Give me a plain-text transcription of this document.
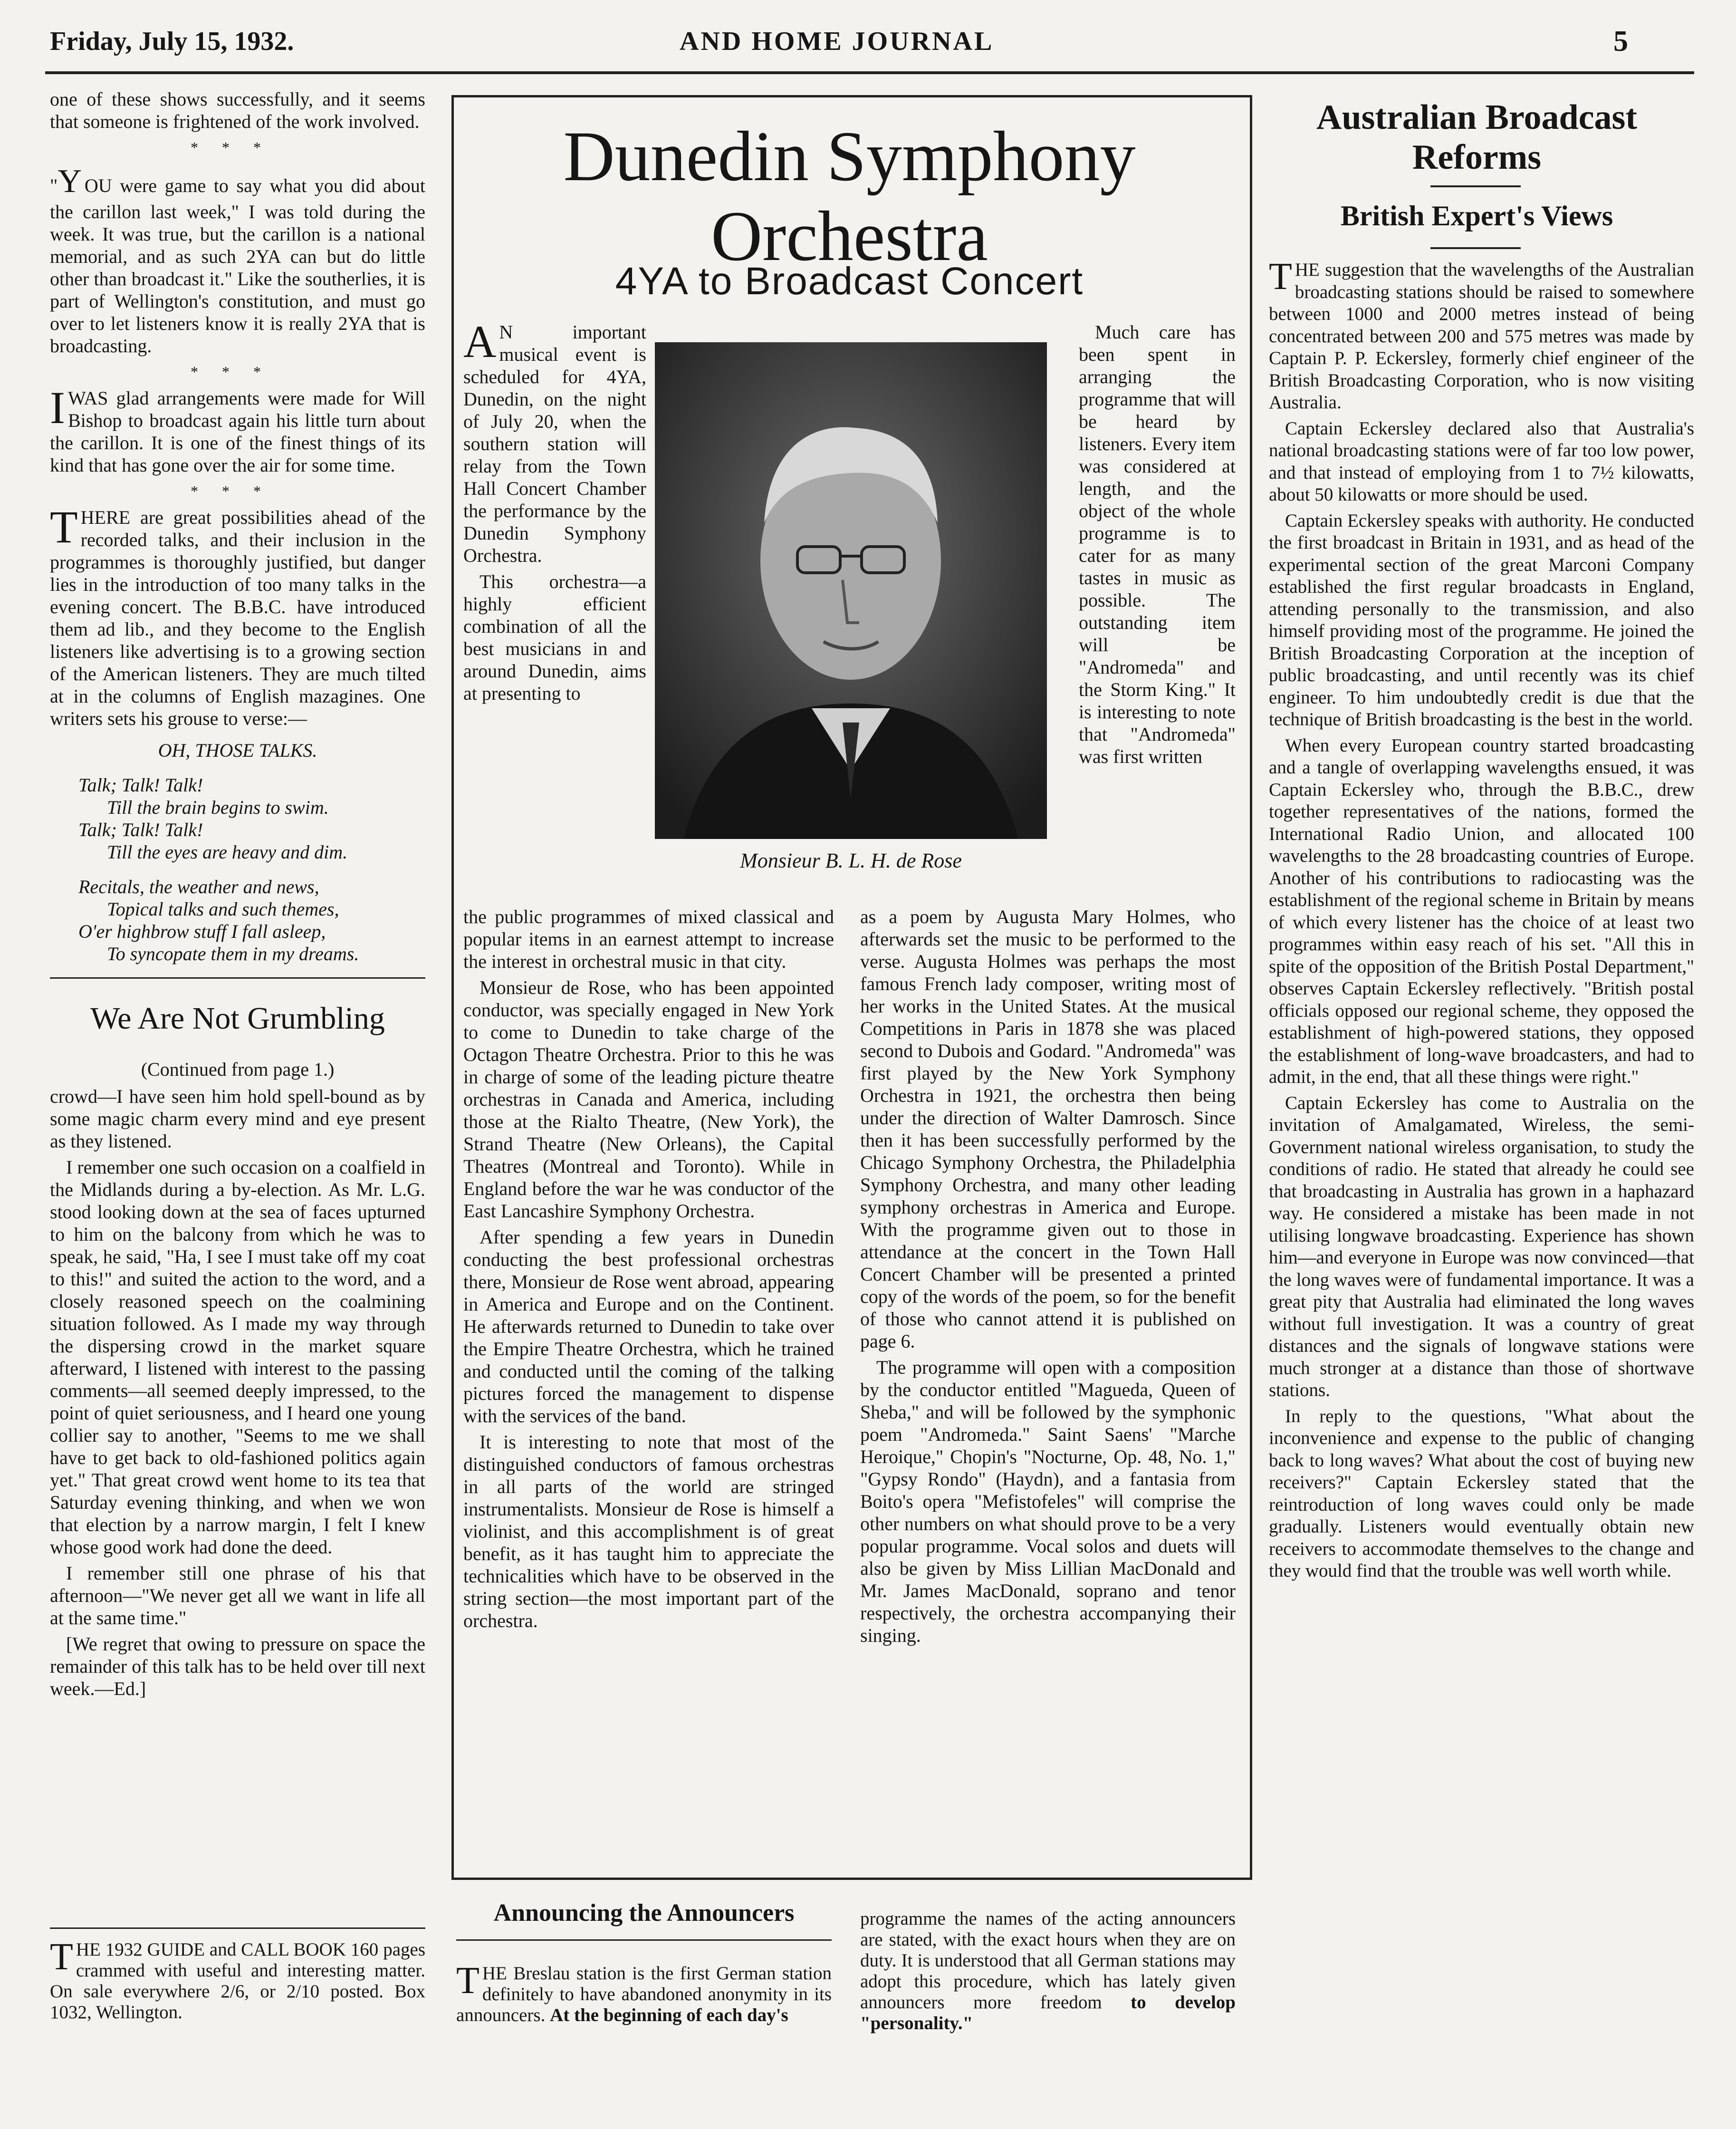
Friday, July 15, 1932.	AND HOME JOURNAL	5

one of these shows successfully, and it seems that someone is frightened of the work involved.

***

"Y OU were game to say what you did about the carillon last week," I was told during the week. It was true, but the carillon is a national memorial, and as such 2YA can but do little other than broadcast it." Like the southerlies, it is part of Wellington's constitution, and must go over to let listeners know it is really 2YA that is broadcasting.

***

IWAS glad arrangements were made for Will Bishop to broadcast again his little turn about the carillon. It is one of the finest things of its kind that has gone over the air for some time.

***

THERE are great possibilities ahead of the recorded talks, and their inclusion in the programmes is thoroughly justified, but danger lies in the introduction of too many talks in the evening concert. The B.B.C. have introduced them ad lib., and they become to the English listeners like advertising is to a growing section of the American listeners. They are much tilted at in the columns of English mazagines. One writers sets his grouse to verse:—

OH, THOSE TALKS.
Talk; Talk! Talk!
Till the brain begins to swim.
Talk; Talk! Talk!
Till the eyes are heavy and dim.
Recitals, the weather and news,
Topical talks and such themes,
O'er highbrow stuff I fall asleep,
To syncopate them in my dreams.
We Are Not Grumbling
(Continued from page 1.)

crowd—I have seen him hold spell-bound as by some magic charm every mind and eye present as they listened.

I remember one such occasion on a coalfield in the Midlands during a by-election. As Mr. L.G. stood looking down at the sea of faces upturned to him on the balcony from which he was to speak, he said, "Ha, I see I must take off my coat to this!" and suited the action to the word, and a closely reasoned speech on the coalmining situation followed. As I made my way through the dispersing crowd in the market square afterward, I listened with interest to the passing comments—all seemed deeply impressed, to the point of quiet seriousness, and I heard one young collier say to another, "Seems to me we shall have to get back to old-fashioned politics again yet." That great crowd went home to its tea that Saturday evening thinking, and when we won that election by a narrow margin, I felt I knew whose good work had done the deed.

I remember still one phrase of his that afternoon—"We never get all we want in life all at the same time."

[We regret that owing to pressure on space the remainder of this talk has to be held over till next week.—Ed.]

THE 1932 GUIDE and CALL BOOK 160 pages crammed with useful and interesting matter. On sale everywhere 2/6, or 2/10 posted. Box 1032, Wellington.

Dunedin Symphony
Orchestra
4YA to Broadcast Concert
Monsieur B. L. H. de Rose

A N important musical event is scheduled for 4YA, Dunedin, on the night of July 20, when the southern station will relay from the Town Hall Concert Chamber the performance by the Dunedin Symphony Orchestra.

This orchestra—a highly efficient combination of all the best musicians in and around Dunedin, aims at presenting to

the public programmes of mixed classical and popular items in an earnest attempt to increase the interest in orchestral music in that city.

Monsieur de Rose, who has been appointed conductor, was specially engaged in New York to come to Dunedin to take charge of the Octagon Theatre Orchestra. Prior to this he was in charge of some of the leading picture theatre orchestras in Canada and America, including those at the Rialto Theatre, (New York), the Strand Theatre (New Orleans), the Capital Theatres (Montreal and Toronto). While in England before the war he was conductor of the East Lancashire Symphony Orchestra.

After spending a few years in Dunedin conducting the best professional orchestras there, Monsieur de Rose went abroad, appearing in America and Europe and on the Continent. He afterwards returned to Dunedin to take over the Empire Theatre Orchestra, which he trained and conducted until the coming of the talking pictures forced the management to dispense with the services of the band.

It is interesting to note that most of the distinguished conductors of famous orchestras in all parts of the world are stringed instrumentalists. Monsieur de Rose is himself a violinist, and this accomplishment is of great benefit, as it has taught him to appreciate the technicalities which have to be observed in the string section—the most important part of the orchestra.

Much care has been spent in arranging the programme that will be heard by listeners. Every item was considered at length, and the object of the whole programme is to cater for as many tastes in music as possible. The outstanding item will be "Andromeda" and the Storm King." It is interesting to note that "Andromeda" was first written

as a poem by Augusta Mary Holmes, who afterwards set the music to be performed to the verse. Augusta Holmes was perhaps the most famous French lady composer, writing most of her works in the United States. At the musical Competitions in Paris in 1878 she was placed second to Dubois and Godard. "Andromeda" was first played by the New York Symphony Orchestra in 1921, the orchestra then being under the direction of Walter Damrosch. Since then it has been successfully performed by the Chicago Symphony Orchestra, the Philadelphia Symphony Orchestra, and many other leading symphony orchestras in America and Europe. With the programme given out to those in attendance at the concert in the Town Hall Concert Chamber will be presented a printed copy of the words of the poem, so for the benefit of those who cannot attend it is published on page 6.

The programme will open with a composition by the conductor entitled "Magueda, Queen of Sheba," and will be followed by the symphonic poem "Andromeda." Saint Saens' "Marche Heroique," Chopin's "Nocturne, Op. 48, No. 1," "Gypsy Rondo" (Haydn), and a fantasia from Boito's opera "Mefistofeles" will comprise the other numbers on what should prove to be a very popular programme. Vocal solos and duets will also be given by Miss Lillian MacDonald and Mr. James MacDonald, soprano and tenor respectively, the orchestra accompanying their singing.

Announcing the Announcers

THE Breslau station is the first German station definitely to have abandoned anonymity in its announcers. At the beginning of each day's

programme the names of the acting announcers are stated, with the exact hours when they are on duty. It is understood that all German stations may adopt this procedure, which has lately given announcers more freedom to develop "personality."

Australian Broadcast
Reforms
British Expert's Views

THE suggestion that the wavelengths of the Australian broadcasting stations should be raised to somewhere between 1000 and 2000 metres instead of being concentrated between 200 and 575 metres was made by Captain P. P. Eckersley, formerly chief engineer of the British Broadcasting Corporation, who is now visiting Australia.

Captain Eckersley declared also that Australia's national broadcasting stations were of far too low power, and that instead of employing from 1 to 7½ kilowatts, about 50 kilowatts or more should be used.

Captain Eckersley speaks with authority. He conducted the first broadcast in Britain in 1931, and as head of the experimental section of the great Marconi Company established the first regular broadcasts in England, attending personally to the transmission, and also himself providing most of the programme. He joined the British Broadcasting Corporation at the inception of public broadcasting, and until recently was its chief engineer. To him undoubtedly credit is due that the technique of British broadcasting is the best in the world.

When every European country started broadcasting and a tangle of overlapping wavelengths ensued, it was Captain Eckersley who, through the B.B.C., drew together representatives of the nations, formed the International Radio Union, and allocated 100 wavelengths to the 28 broadcasting countries of Europe. Another of his contributions to radiocasting was the establishment of the regional scheme in Britain by means of which every listener has the choice of at least two programmes within easy reach of his set. "All this in spite of the opposition of the British Postal Department," observes Captain Eckersley reflectively. "British postal officials opposed our regional scheme, they opposed the establishment of high-powered stations, they opposed the establishment of long-wave broadcasters, and had to admit, in the end, that all these things were right."

Captain Eckersley has come to Australia on the invitation of Amalgamated, Wireless, the semi-Government national wireless organisation, to study the conditions of radio. He stated that already he could see that broadcasting in Australia has grown in a haphazard way. He considered a mistake has been made in not utilising longwave broadcasting. Experience has shown him—and everyone in Europe was now convinced—that the long waves were of fundamental importance. It was a great pity that Australia had eliminated the long waves without full investigation. It was a country of great distances and the signals of longwave stations were much stronger at a distance than those of shortwave stations.

In reply to the questions, "What about the inconvenience and expense to the public of changing back to long waves? What about the cost of buying new receivers?" Captain Eckersley stated that the reintroduction of long waves could only be made gradually. Listeners would eventually obtain new receivers to accommodate themselves to the change and they would find that the trouble was well worth while.
